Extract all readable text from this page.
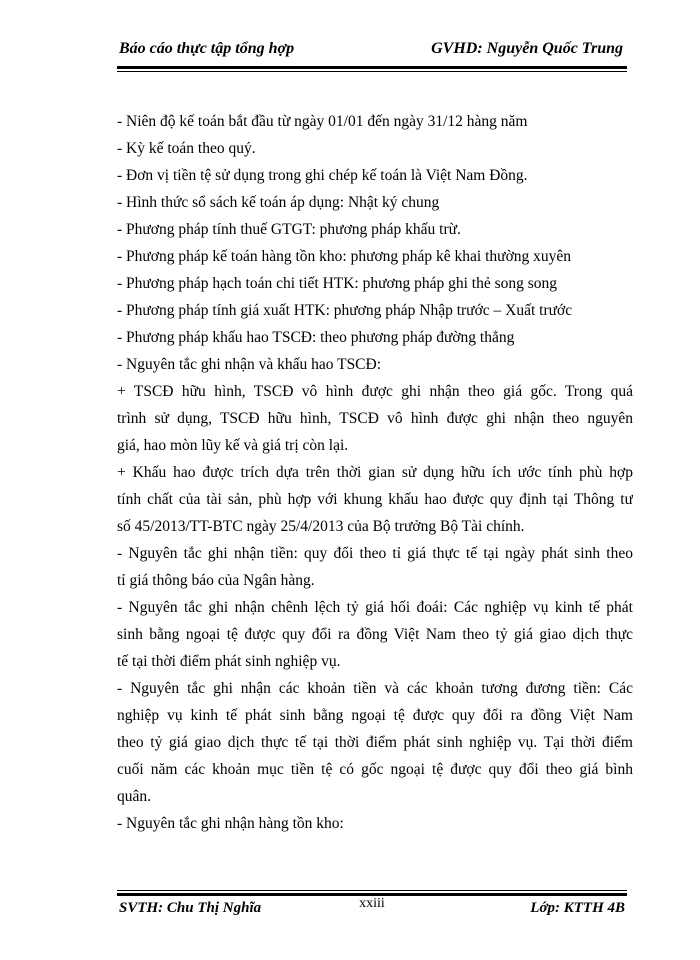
Báo cáo thực tập tổng hợp	GVHD: Nguyễn Quốc Trung
- Niên độ kế toán bắt đầu từ ngày 01/01 đến ngày 31/12 hàng năm
- Kỳ kế toán theo quý.
- Đơn vị tiền tệ sử dụng trong ghi chép kế toán là Việt Nam Đồng.
- Hình thức sổ sách kế toán áp dụng: Nhật ký chung
- Phương pháp tính thuế GTGT: phương pháp khấu trừ.
- Phương pháp kế toán hàng tồn kho: phương pháp kê khai thường xuyên
- Phương pháp hạch toán chi tiết HTK: phương pháp ghi thẻ song song
- Phương pháp tính giá xuất HTK: phương pháp Nhập trước – Xuất trước
- Phương pháp khấu hao TSCĐ: theo phương pháp đường thẳng
- Nguyên tắc ghi nhận và khấu hao TSCĐ:
+ TSCĐ hữu hình, TSCĐ vô hình được ghi nhận theo giá gốc. Trong quá
trình sử dụng, TSCĐ hữu hình, TSCĐ vô hình được ghi nhận theo nguyên
giá, hao mòn lũy kế và giá trị còn lại.
+ Khấu hao được trích dựa trên thời gian sử dụng hữu ích ước tính phù hợp
tính chất của tài sản, phù hợp với khung khấu hao được quy định tại Thông tư
số 45/2013/TT-BTC ngày 25/4/2013 của Bộ trưởng Bộ Tài chính.
- Nguyên tắc ghi nhận tiền: quy đổi theo tỉ giá thực tế tại ngày phát sinh theo
tỉ giá thông báo của Ngân hàng.
- Nguyên tắc ghi nhận chênh lệch tỷ giá hối đoái: Các nghiệp vụ kinh tế phát
sinh bằng ngoại tệ được quy đổi ra đồng Việt Nam theo tỷ giá giao dịch thực
tế tại thời điểm phát sinh nghiệp vụ.
- Nguyên tắc ghi nhận các khoản tiền và các khoản tương đương tiền: Các
nghiệp vụ kinh tế phát sinh bằng ngoại tệ được quy đổi ra đồng Việt Nam
theo tỷ giá giao dịch thực tế tại thời điểm phát sinh nghiệp vụ. Tại thời điểm
cuối năm các khoản mục tiền tệ có gốc ngoại tệ được quy đổi theo giá bình
quân.
- Nguyên tắc ghi nhận hàng tồn kho:
SVTH: Chu Thị Nghĩa	xxiii	Lớp: KTTH 4B
